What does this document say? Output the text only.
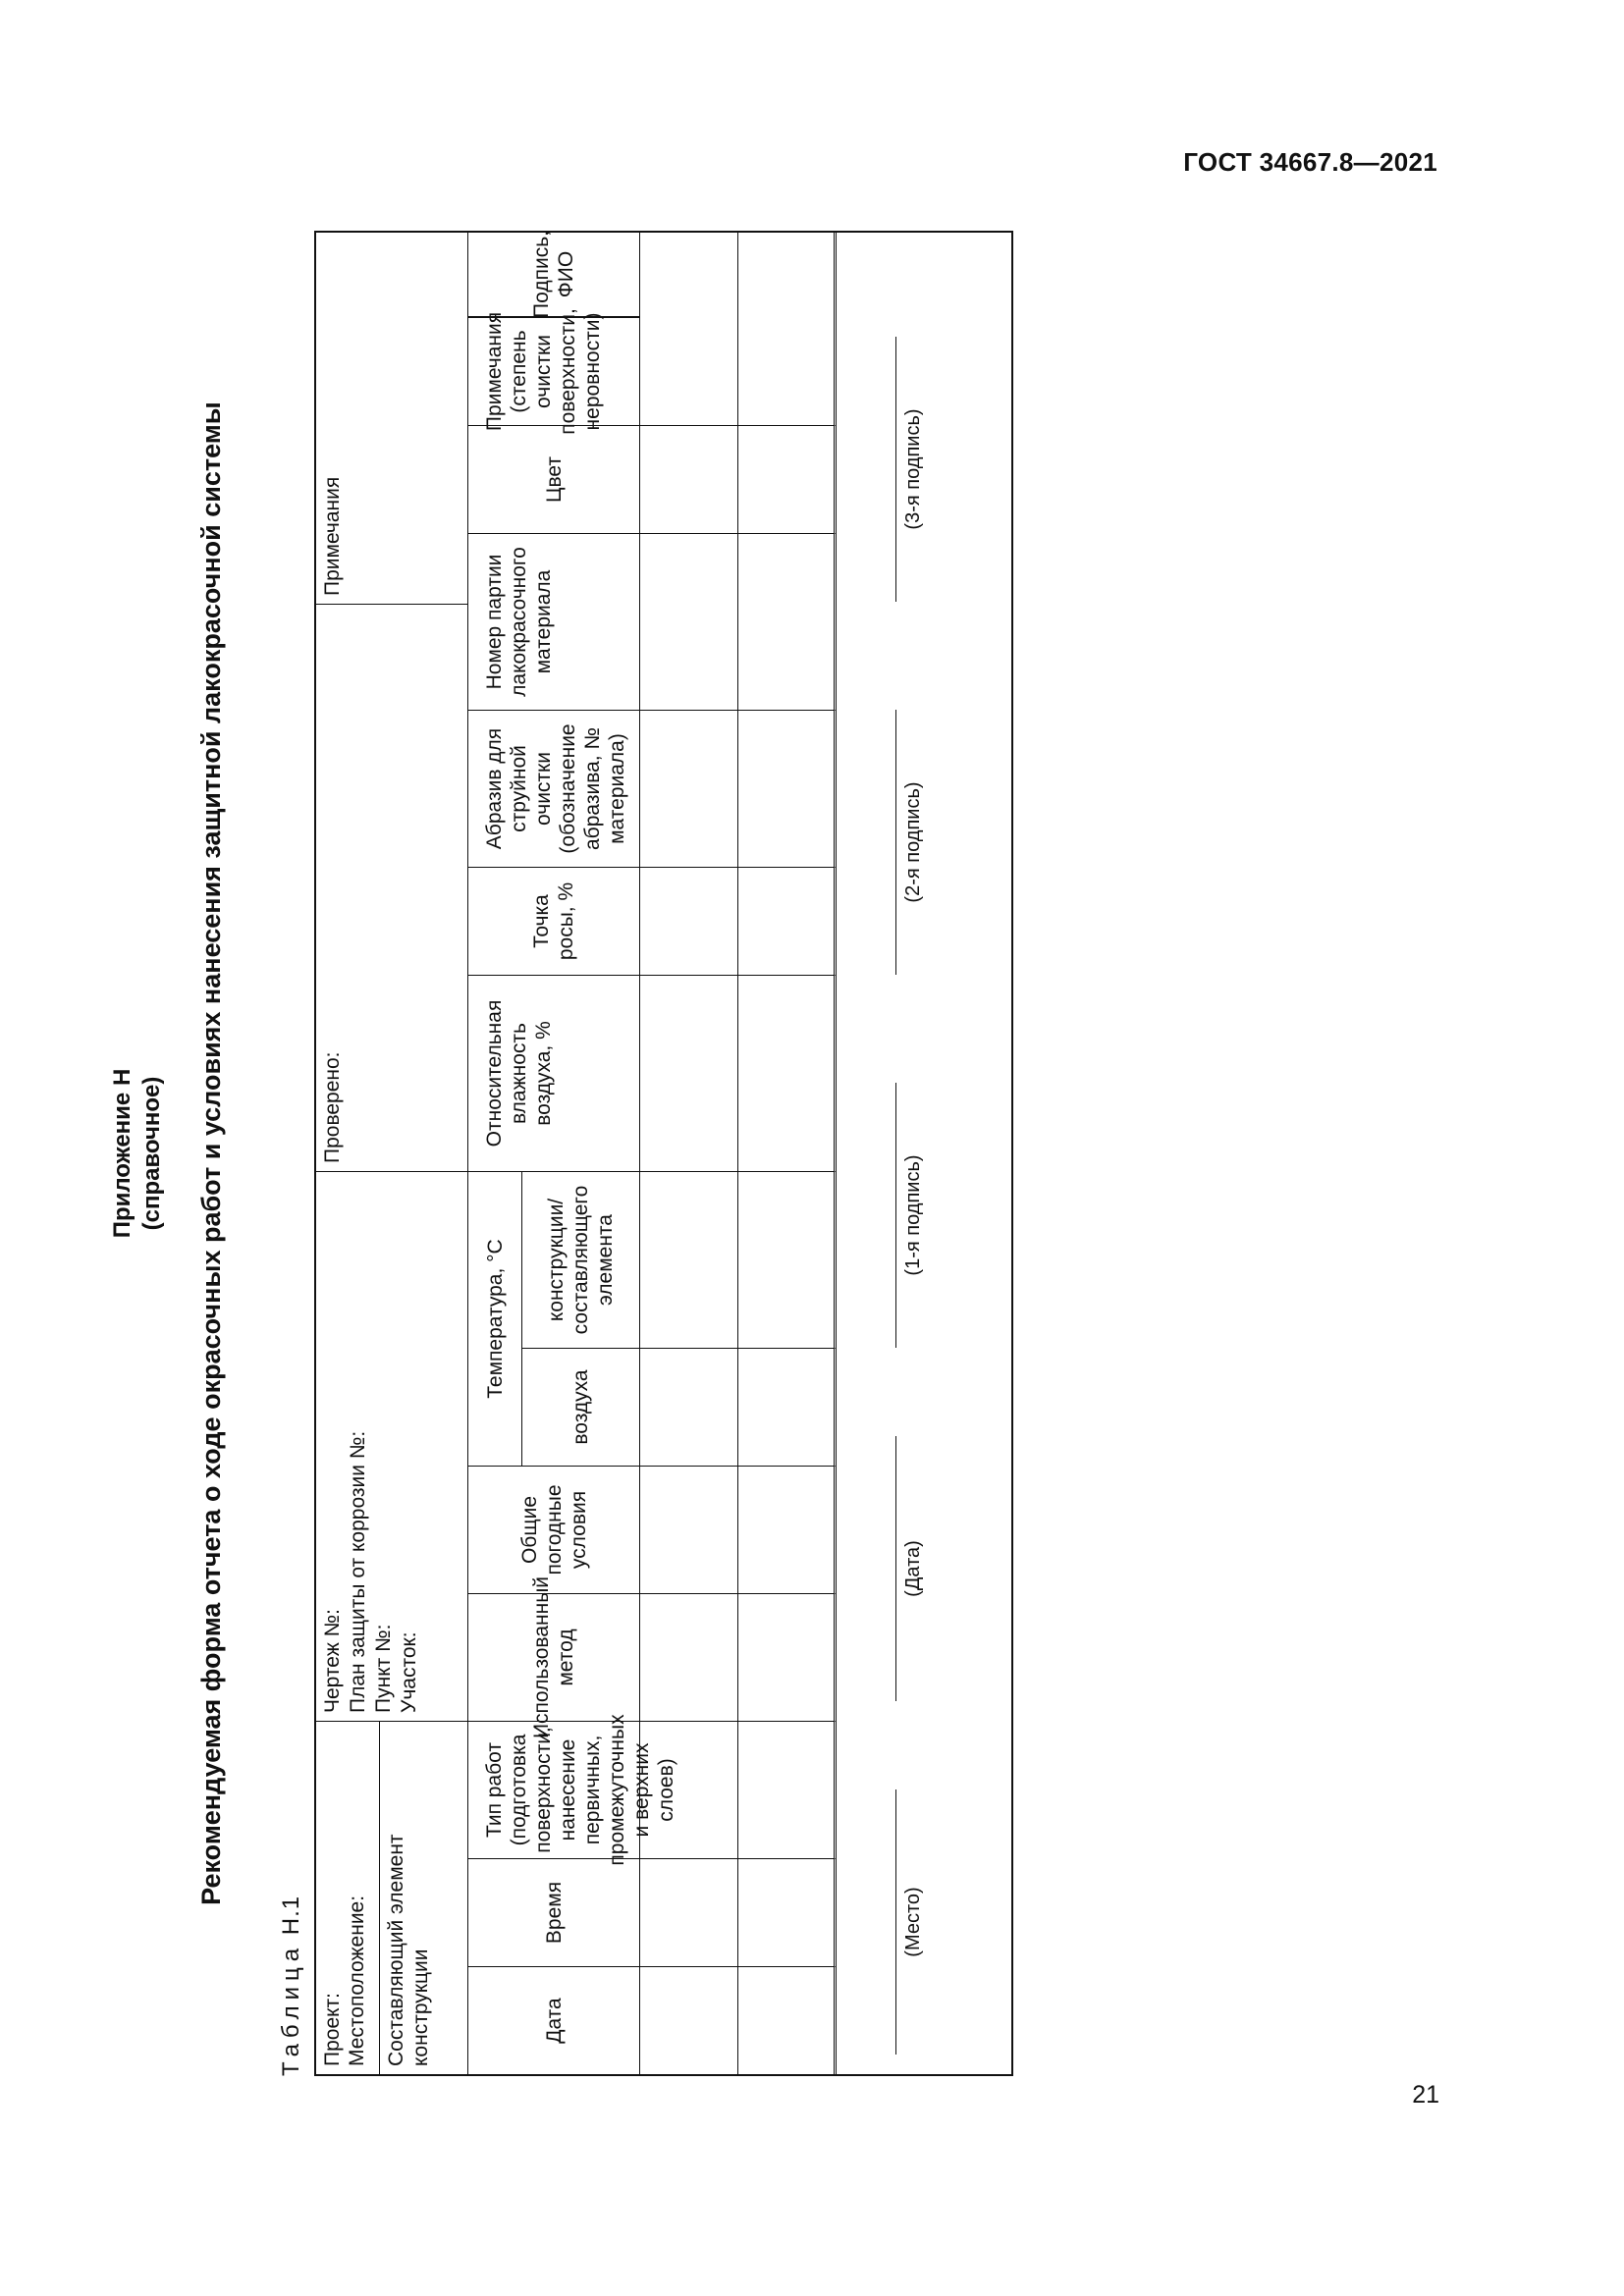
ГОСТ 34667.8—2021
Приложение Н (справочное) Рекомендуемая форма отчета о ходе окрасочных работ и условиях нанесения защитной лакокрасочной системы
Таблица Н.1
Проект: Местоположение: Составляющий элемент конструкции
Чертеж №: План защиты от коррозии №: Пункт №: Участок:
Проверено:
Примечания
Дата
Время
Тип работ (подготовка поверхности, нанесение первичных, промежуточных и верхних слоев)
Использованный метод
Общие погодные условия
Температура, °С
воздуха
конструкции/составляющего элемента
Относительная влажность воздуха, %
Точка росы, %
Абразив для струйной очистки (обозначение абразива, № материала)
Номер партии лакокрасочного материала
Цвет
Примечания (степень очистки поверхности, неровности)
(Место)
(Дата)
(1-я подпись)
(2-я подпись)
(3-я подпись)
Подпись, ФИО
21
